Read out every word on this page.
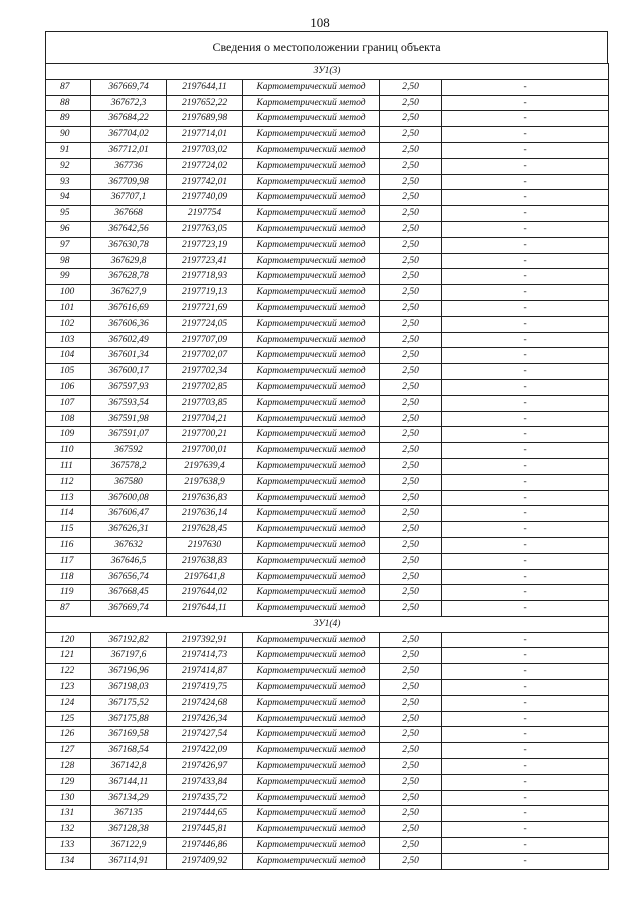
108
Сведения о местоположении границ объекта
ЗУ1(3)					
87	367669,74	2197644,11	Картометрический метод	2,50	-
88	367672,3	2197652,22	Картометрический метод	2,50	-
89	367684,22	2197689,98	Картометрический метод	2,50	-
90	367704,02	2197714,01	Картометрический метод	2,50	-
91	367712,01	2197703,02	Картометрический метод	2,50	-
92	367736	2197724,02	Картометрический метод	2,50	-
93	367709,98	2197742,01	Картометрический метод	2,50	-
94	367707,1	2197740,09	Картометрический метод	2,50	-
95	367668	2197754	Картометрический метод	2,50	-
96	367642,56	2197763,05	Картометрический метод	2,50	-
97	367630,78	2197723,19	Картометрический метод	2,50	-
98	367629,8	2197723,41	Картометрический метод	2,50	-
99	367628,78	2197718,93	Картометрический метод	2,50	-
100	367627,9	2197719,13	Картометрический метод	2,50	-
101	367616,69	2197721,69	Картометрический метод	2,50	-
102	367606,36	2197724,05	Картометрический метод	2,50	-
103	367602,49	2197707,09	Картометрический метод	2,50	-
104	367601,34	2197702,07	Картометрический метод	2,50	-
105	367600,17	2197702,34	Картометрический метод	2,50	-
106	367597,93	2197702,85	Картометрический метод	2,50	-
107	367593,54	2197703,85	Картометрический метод	2,50	-
108	367591,98	2197704,21	Картометрический метод	2,50	-
109	367591,07	2197700,21	Картометрический метод	2,50	-
110	367592	2197700,01	Картометрический метод	2,50	-
111	367578,2	2197639,4	Картометрический метод	2,50	-
112	367580	2197638,9	Картометрический метод	2,50	-
113	367600,08	2197636,83	Картометрический метод	2,50	-
114	367606,47	2197636,14	Картометрический метод	2,50	-
115	367626,31	2197628,45	Картометрический метод	2,50	-
116	367632	2197630	Картометрический метод	2,50	-
117	367646,5	2197638,83	Картометрический метод	2,50	-
118	367656,74	2197641,8	Картометрический метод	2,50	-
119	367668,45	2197644,02	Картометрический метод	2,50	-
87	367669,74	2197644,11	Картометрический метод	2,50	-
ЗУ1(4)					
120	367192,82	2197392,91	Картометрический метод	2,50	-
121	367197,6	2197414,73	Картометрический метод	2,50	-
122	367196,96	2197414,87	Картометрический метод	2,50	-
123	367198,03	2197419,75	Картометрический метод	2,50	-
124	367175,52	2197424,68	Картометрический метод	2,50	-
125	367175,88	2197426,34	Картометрический метод	2,50	-
126	367169,58	2197427,54	Картометрический метод	2,50	-
127	367168,54	2197422,09	Картометрический метод	2,50	-
128	367142,8	2197426,97	Картометрический метод	2,50	-
129	367144,11	2197433,84	Картометрический метод	2,50	-
130	367134,29	2197435,72	Картометрический метод	2,50	-
131	367135	2197444,65	Картометрический метод	2,50	-
132	367128,38	2197445,81	Картометрический метод	2,50	-
133	367122,9	2197446,86	Картометрический метод	2,50	-
134	367114,91	2197409,92	Картометрический метод	2,50	-
